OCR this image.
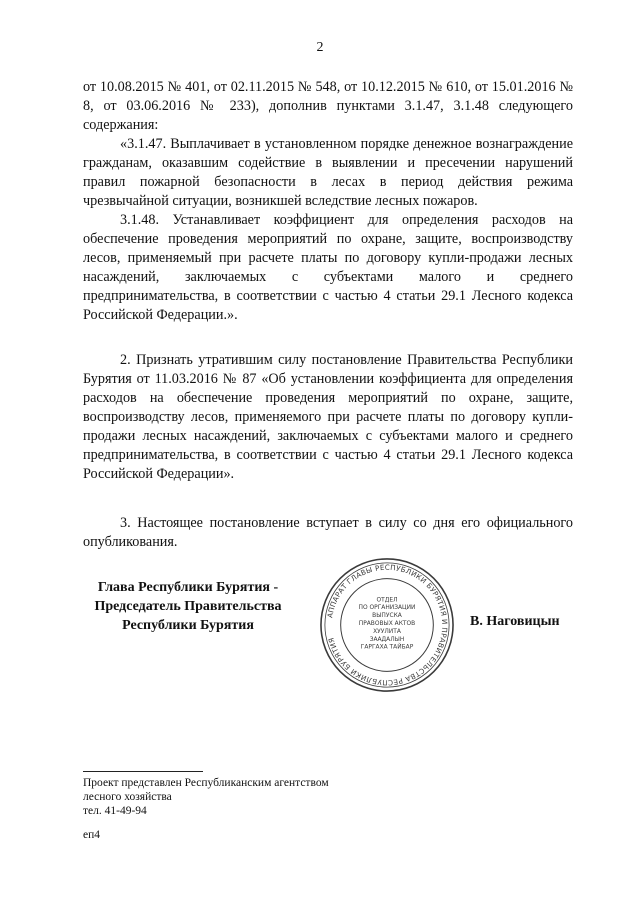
2

от 10.08.2015 № 401, от 02.11.2015 № 548, от 10.12.2015 № 610, от 15.01.2016 № 8, от 03.06.2016 № 233), дополнив пунктами 3.1.47, 3.1.48 следующего содержания:

«3.1.47. Выплачивает в установленном порядке денежное вознаграждение гражданам, оказавшим содействие в выявлении и пресечении нарушений правил пожарной безопасности в лесах в период действия режима чрезвычайной ситуации, возникшей вследствие лесных пожаров.

3.1.48. Устанавливает коэффициент для определения расходов на обеспечение проведения мероприятий по охране, защите, воспроизводству лесов, применяемый при расчете платы по договору купли-продажи лесных насаждений, заключаемых с субъектами малого и среднего предпринимательства, в соответствии с частью 4 статьи 29.1 Лесного кодекса Российской Федерации.».

2. Признать утратившим силу постановление Правительства Республики Бурятия от 11.03.2016 № 87 «Об установлении коэффициента для определения расходов на обеспечение проведения мероприятий по охране, защите, воспроизводству лесов, применяемого при расчете платы по договору купли-продажи лесных насаждений, заключаемых с субъектами малого и среднего предпринимательства, в соответствии с частью 4 статьи 29.1 Лесного кодекса Российской Федерации».

3. Настоящее постановление вступает в силу со дня его официального опубликования.

Глава Республики Бурятия -
Председатель Правительства
Республики Бурятия
АППАРАТ ГЛАВЫ РЕСПУБЛИКИ БУРЯТИЯ И ПРАВИТЕЛЬСТВА РЕСПУБЛИКИ БУРЯТИЯ
ОТДЕЛ
ПО ОРГАНИЗАЦИИ
ВЫПУСКА
ПРАВОВЫХ АКТОВ
ХУУЛИТА
ЗААДАЛЫН
ГАРГАХА ТАЙБАР
В. Наговицын
Проект представлен Республиканским агентством
лесного хозяйства
тел. 41-49-94
еп4
